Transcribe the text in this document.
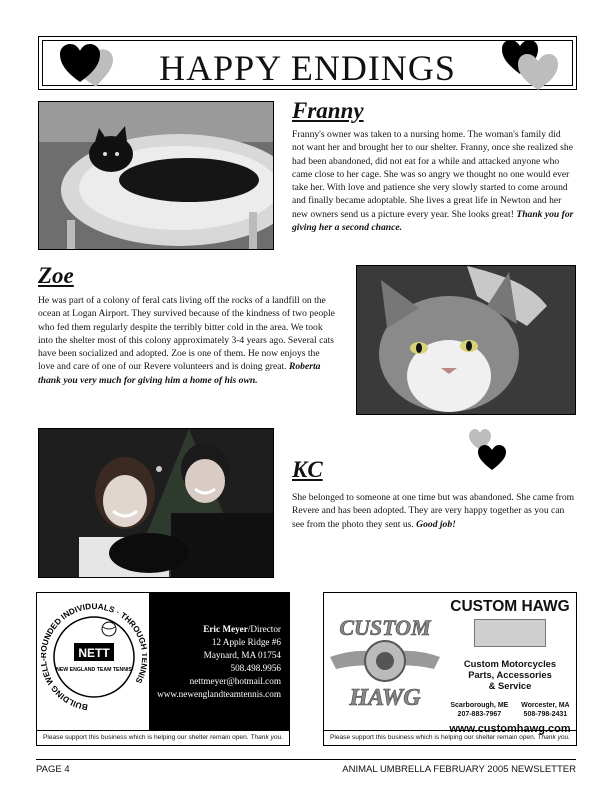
HAPPY ENDINGS
Franny
Franny's owner was taken to a nursing home. The woman's family did not want her and brought her to our shelter. Franny, once she realized she had been abandoned, did not eat for a while and attacked anyone who came close to her cage. She was so angry we thought no one would ever take her. With love and patience she very slowly started to come around and finally became adoptable. She lives a great life in Newton and her new owners send us a picture every year. She looks great! Thank you for giving her a second chance.
Zoe
He was part of a colony of feral cats living off the rocks of a landfill on the ocean at Logan Airport. They survived because of the kindness of two people who fed them regularly despite the terribly bitter cold in the area. We took into the shelter most of this colony approximately 3-4 years ago. Several cats have been socialized and adopted. Zoe is one of them. He now enjoys the love and care of one of our Revere volunteers and is doing great. Roberta thank you very much for giving him a home of his own.
KC
She belonged to someone at one time but was abandoned. She came from Revere and has been adopted. They are very happy together as you can see from the photo they sent us. Good job!
BUILDING WEL UNDED INDIVIDUALS · THROUG NIS
NETT
NEW ENGLAND TEAM TENNIS
Eric Meyer/Director
12 Apple Ridge #6
Maynard, MA 01754
508.498.9956
nettmeyer@hotmail.com
www.newenglandteamtennis.com
Please support this business which is helping our shelter remain open. Thank you.
CUSTOM
HAWG
CUSTOM HAWG
Custom Motorcycles
Parts, Accessories
& Service
Scarborough, ME
207-883-7967
Worcester, MA
508-798-2431
www.customhawg.com
Please support this business which is helping our shelter remain open. Thank you.
PAGE 4	ANIMAL UMBRELLA FEBRUARY 2005 NEWSLETTER
